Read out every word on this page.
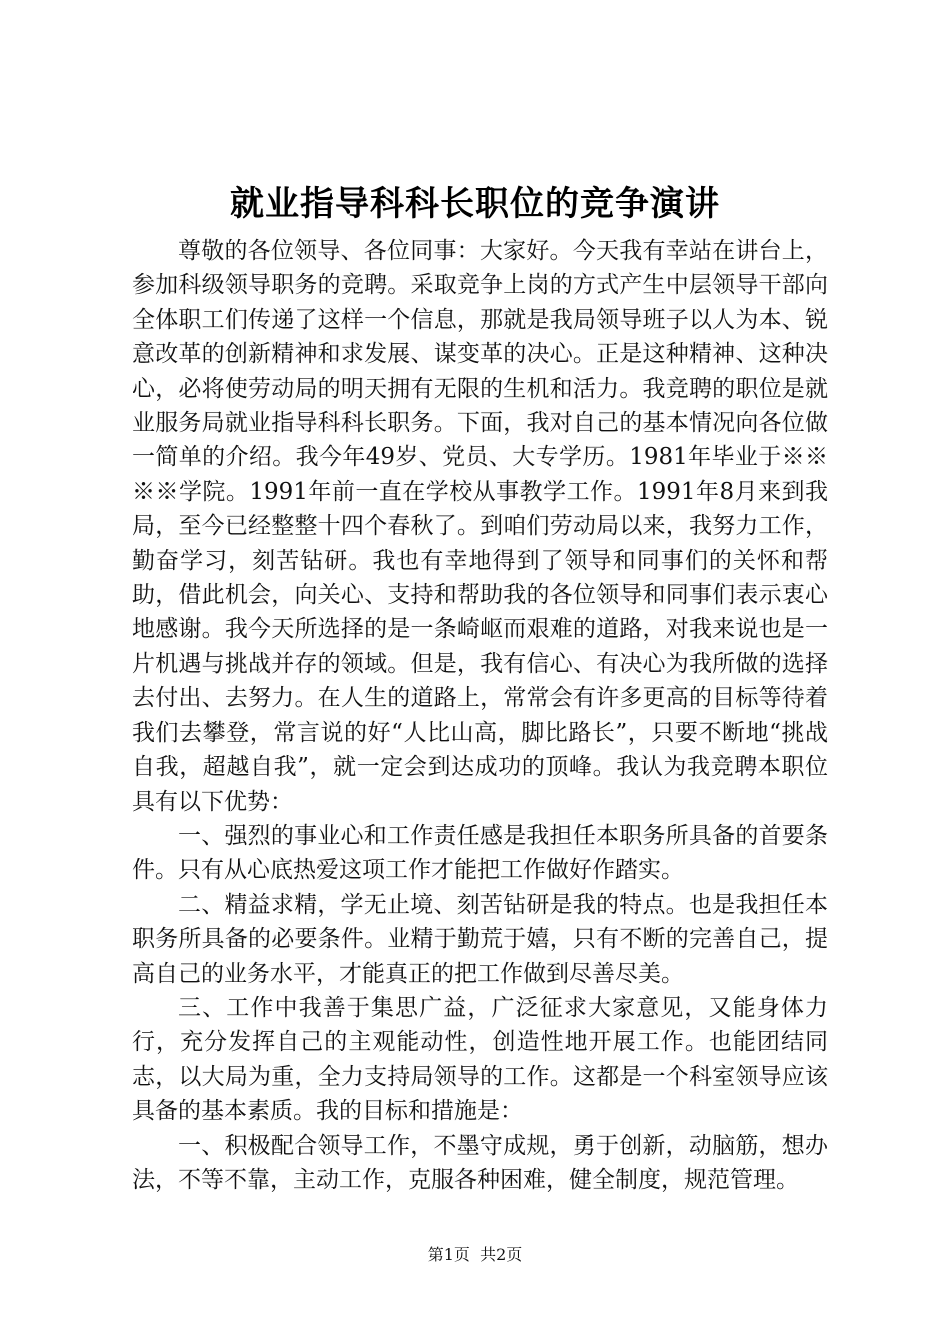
就业指导科科长职位的竞争演讲

尊敬的各位领导、各位同事：大家好。今天我有幸站在讲台上，参加科级领导职务的竞聘。采取竞争上岗的方式产生中层领导干部向全体职工们传递了这样一个信息，那就是我局领导班子以人为本、锐意改革的创新精神和求发展、谋变革的决心。正是这种精神、这种决心，必将使劳动局的明天拥有无限的生机和活力。我竞聘的职位是就业服务局就业指导科科长职务。下面，我对自己的基本情况向各位做一简单的介绍。我今年49岁、党员、大专学历。1981年毕业于※※※※学院。1991年前一直在学校从事教学工作。1991年8月来到我局，至今已经整整十四个春秋了。到咱们劳动局以来，我努力工作，勤奋学习，刻苦钻研。我也有幸地得到了领导和同事们的关怀和帮助，借此机会，向关心、支持和帮助我的各位领导和同事们表示衷心地感谢。我今天所选择的是一条崎岖而艰难的道路，对我来说也是一片机遇与挑战并存的领域。但是，我有信心、有决心为我所做的选择去付出、去努力。在人生的道路上，常常会有许多更高的目标等待着我们去攀登，常言说的好“人比山高，脚比路长”，只要不断地“挑战自我，超越自我”，就一定会到达成功的顶峰。我认为我竞聘本职位具有以下优势：

一、强烈的事业心和工作责任感是我担任本职务所具备的首要条件。只有从心底热爱这项工作才能把工作做好作踏实。

二、精益求精，学无止境、刻苦钻研是我的特点。也是我担任本职务所具备的必要条件。业精于勤荒于嬉，只有不断的完善自己，提高自己的业务水平，才能真正的把工作做到尽善尽美。

三、工作中我善于集思广益，广泛征求大家意见，又能身体力行，充分发挥自己的主观能动性，创造性地开展工作。也能团结同志，以大局为重，全力支持局领导的工作。这都是一个科室领导应该具备的基本素质。我的目标和措施是：

一、积极配合领导工作，不墨守成规，勇于创新，动脑筋，想办法，不等不靠，主动工作，克服各种困难，健全制度，规范管理。

第1页 共2页
